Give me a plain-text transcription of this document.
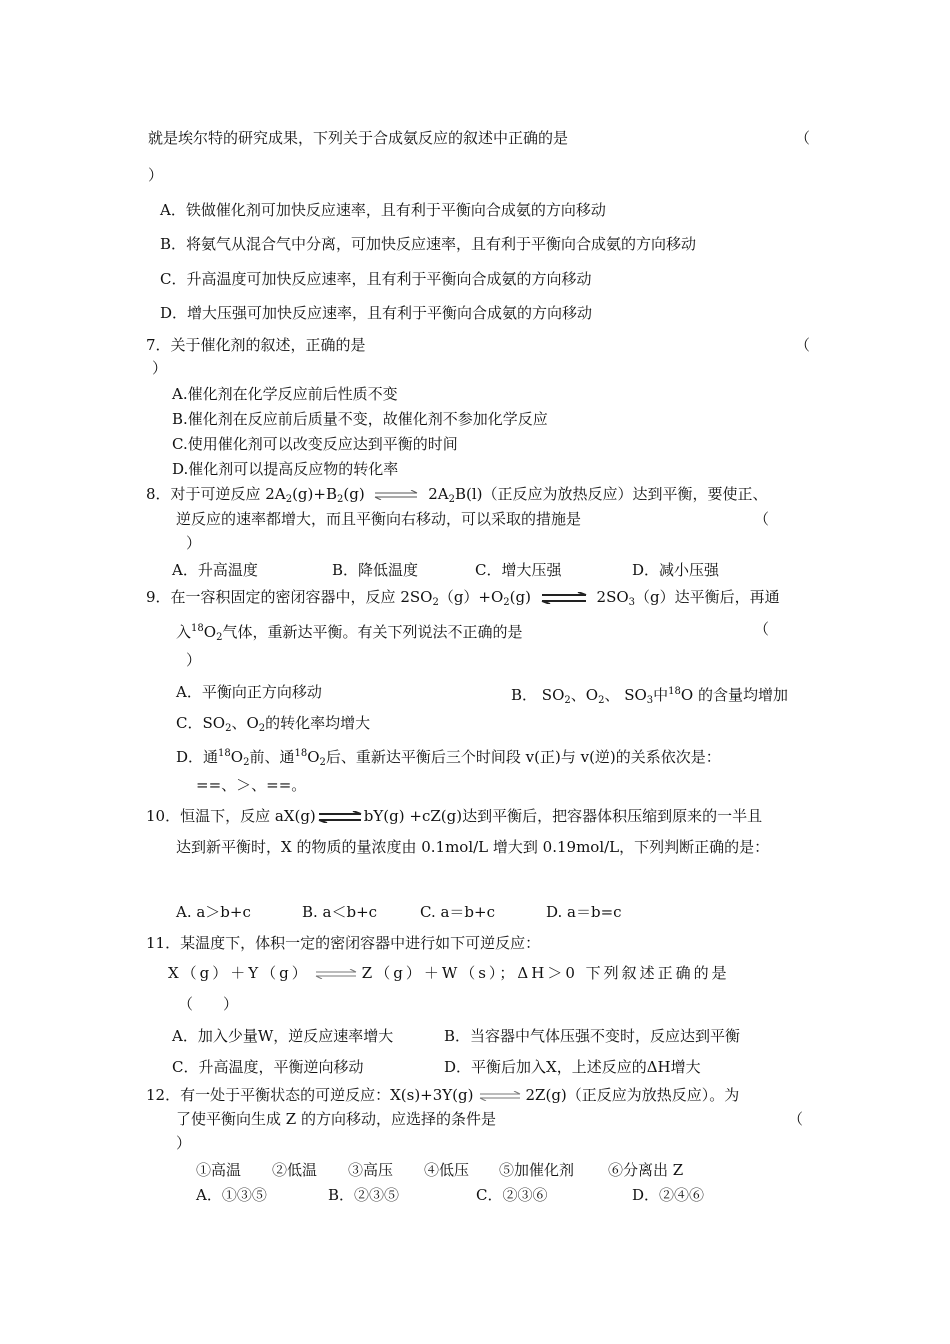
就是埃尔特的研究成果，下列关于合成氨反应的叙述中正确的是	（
）
A．铁做催化剂可加快反应速率，且有利于平衡向合成氨的方向移动
B．将氨气从混合气中分离，可加快反应速率，且有利于平衡向合成氨的方向移动
C．升高温度可加快反应速率，且有利于平衡向合成氨的方向移动
D．增大压强可加快反应速率，且有利于平衡向合成氨的方向移动
7．关于催化剂的叙述，正确的是	（
）
A.催化剂在化学反应前后性质不变
B.催化剂在反应前后质量不变，故催化剂不参加化学反应
C.使用催化剂可以改变反应达到平衡的时间
D.催化剂可以提高反应物的转化率
8．对于可逆反应 $2A_2(g)+B_2(g)$ ⇌ $2A_2B(l)$（正反应为放热反应）达到平衡，要使正、
逆反应的速率都增大，而且平衡向右移动，可以采取的措施是	（
）
A．升高温度	B．降低温度	C．增大压强	D．减小压强
9．在一容积固定的密闭容器中，反应 $2SO_2(g)+O_2(g)$ ⇌ $2SO_3(g)$达平衡后，再通
入$^{18}O_2$气体，重新达平衡。有关下列说法不正确的是	（
）
A．平衡向正方向移动	B． $SO_2$、$O_2$、 $SO_3$中$^{18}$O 的含量均增加
C．$SO_2$、$O_2$的转化率均增大
D．通$^{18}O_2$前、通$^{18}O_2$后、重新达平衡后三个时间段 v(正)与 v(逆)的关系依次是：
==、＞、==。
10．恒温下，反应 aX(g)⇌bY(g) +cZ(g)达到平衡后，把容器体积压缩到原来的一半且
达到新平衡时，X 的物质的量浓度由 0.1mol/L 增大到 0.19mol/L，下列判断正确的是：
A. a＞b+c	B. a＜b+c	C. a＝b+c	D. a＝b=c
11．某温度下，体积一定的密闭容器中进行如下可逆反应：
X（g）＋Y（g） ⇌ Z（g）＋W（s）；ΔH＞0 下列叙述正确的是
（　　）
A．加入少量W，逆反应速率增大	B．当容器中气体压强不变时，反应达到平衡
C．升高温度，平衡逆向移动	D．平衡后加入X，上述反应的ΔH增大
12．有一处于平衡状态的可逆反应：X(s)+3Y(g) ⇌ 2Z(g)（正反应为放热反应）。为
了使平衡向生成 Z 的方向移动，应选择的条件是	（
）
①高温 ②低温 ③高压 ④低压 ⑤加催化剂 ⑥分离出 Z
A．①③⑤	B．②③⑤	C．②③⑥	D．②④⑥
